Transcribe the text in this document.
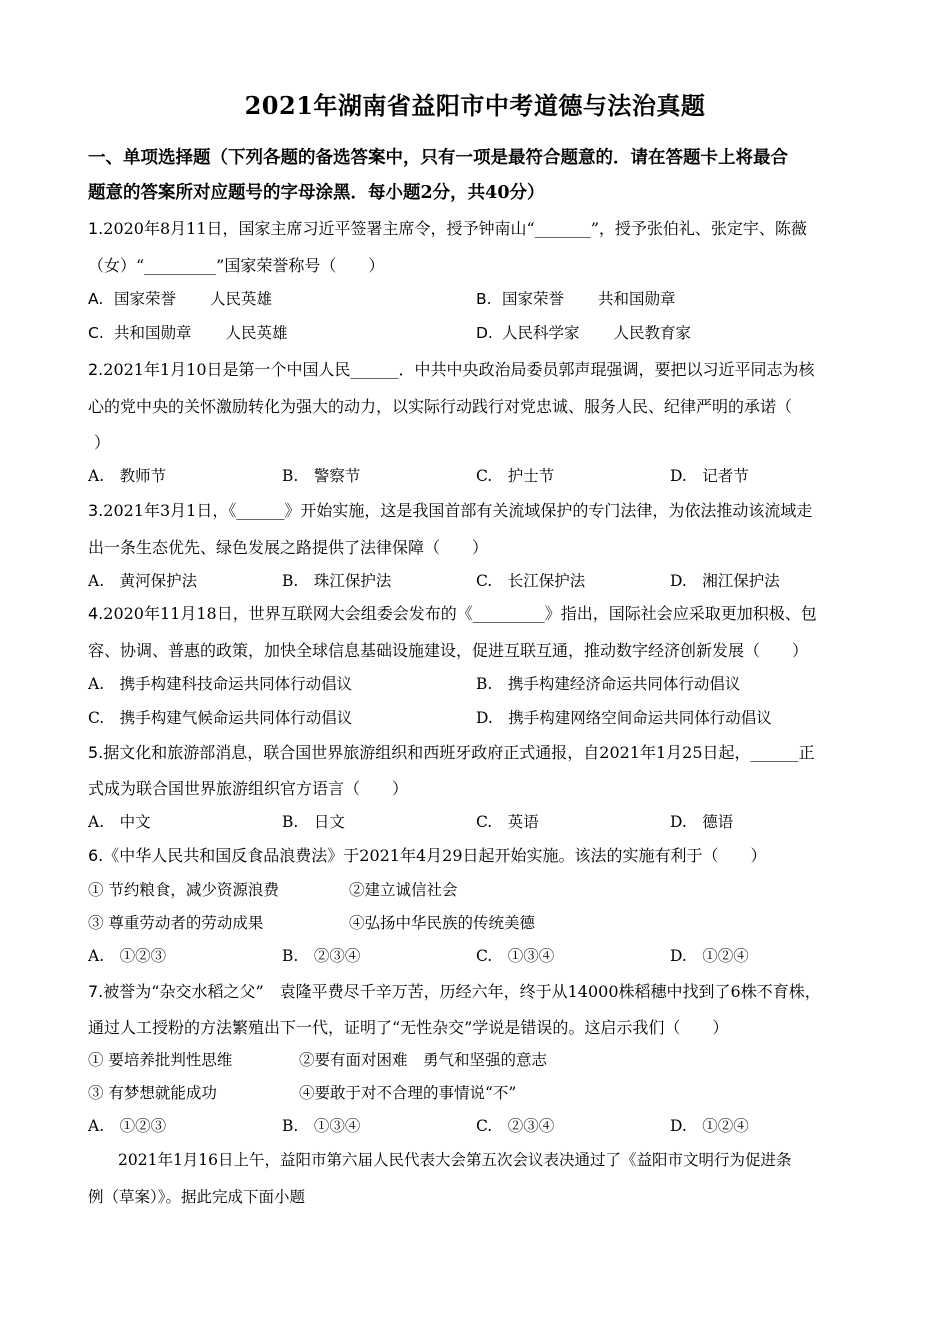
2021年湖南省益阳市中考道德与法治真题
一、单项选择题（下列各题的备选答案中，只有一项是最符合题意的．请在答题卡上将最合
题意的答案所对应题号的字母涂黑．每小题2分，共40分）
1.2020年8月11日，国家主席习近平签署主席令，授予钟南山“_______”，授予张伯礼、张定宇、陈薇
（女）“_________”国家荣誉称号（　　）
A. 国家荣誉 人民英雄	B. 国家荣誉 共和国勋章
C. 共和国勋章 人民英雄	D. 人民科学家 人民教育家
2.2021年1月10日是第一个中国人民______．中共中央政治局委员郭声琨强调，要把以习近平同志为核
心的党中央的关怀激励转化为强大的动力，以实际行动践行对党忠诚、服务人民、纪律严明的承诺（
）
A.　教师节	B.　警察节	C.　护士节	D.　记者节
3.2021年3月1日，《______》开始实施，这是我国首部有关流域保护的专门法律，为依法推动该流域走
出一条生态优先、绿色发展之路提供了法律保障（　　）
A.　黄河保护法	B.　珠江保护法	C.　长江保护法	D.　湘江保护法
4.2020年11月18日，世界互联网大会组委会发布的《_________》指出，国际社会应采取更加积极、包
容、协调、普惠的政策，加快全球信息基础设施建设，促进互联互通，推动数字经济创新发展（　　）
A.　携手构建科技命运共同体行动倡议	B.　携手构建经济命运共同体行动倡议
C.　携手构建气候命运共同体行动倡议	D.　携手构建网络空间命运共同体行动倡议
5.据文化和旅游部消息，联合国世界旅游组织和西班牙政府正式通报，自2021年1月25日起，______正
式成为联合国世界旅游组织官方语言（　　）
A.　中文	B.　日文	C.　英语	D.　德语
6.《中华人民共和国反食品浪费法》于2021年4月29日起开始实施。该法的实施有利于（　　）
① 节约粮食，减少资源浪费	②建立诚信社会
③ 尊重劳动者的劳动成果	④弘扬中华民族的传统美德
A.　①②③	B.　②③④	C.　①③④	D.　①②④
7.被誉为“杂交水稻之父”　袁隆平费尽千辛万苦，历经六年，终于从14000株稻穗中找到了6株不育株，
通过人工授粉的方法繁殖出下一代，证明了“无性杂交”学说是错误的。这启示我们（　　）
① 要培养批判性思维	②要有面对困难　勇气和坚强的意志
③ 有梦想就能成功	④要敢于对不合理的事情说“不”
A.　①②③	B.　①③④	C.　②③④	D.　①②④
2021年1月16日上午，益阳市第六届人民代表大会第五次会议表决通过了《益阳市文明行为促进条
例（草案）》。据此完成下面小题
